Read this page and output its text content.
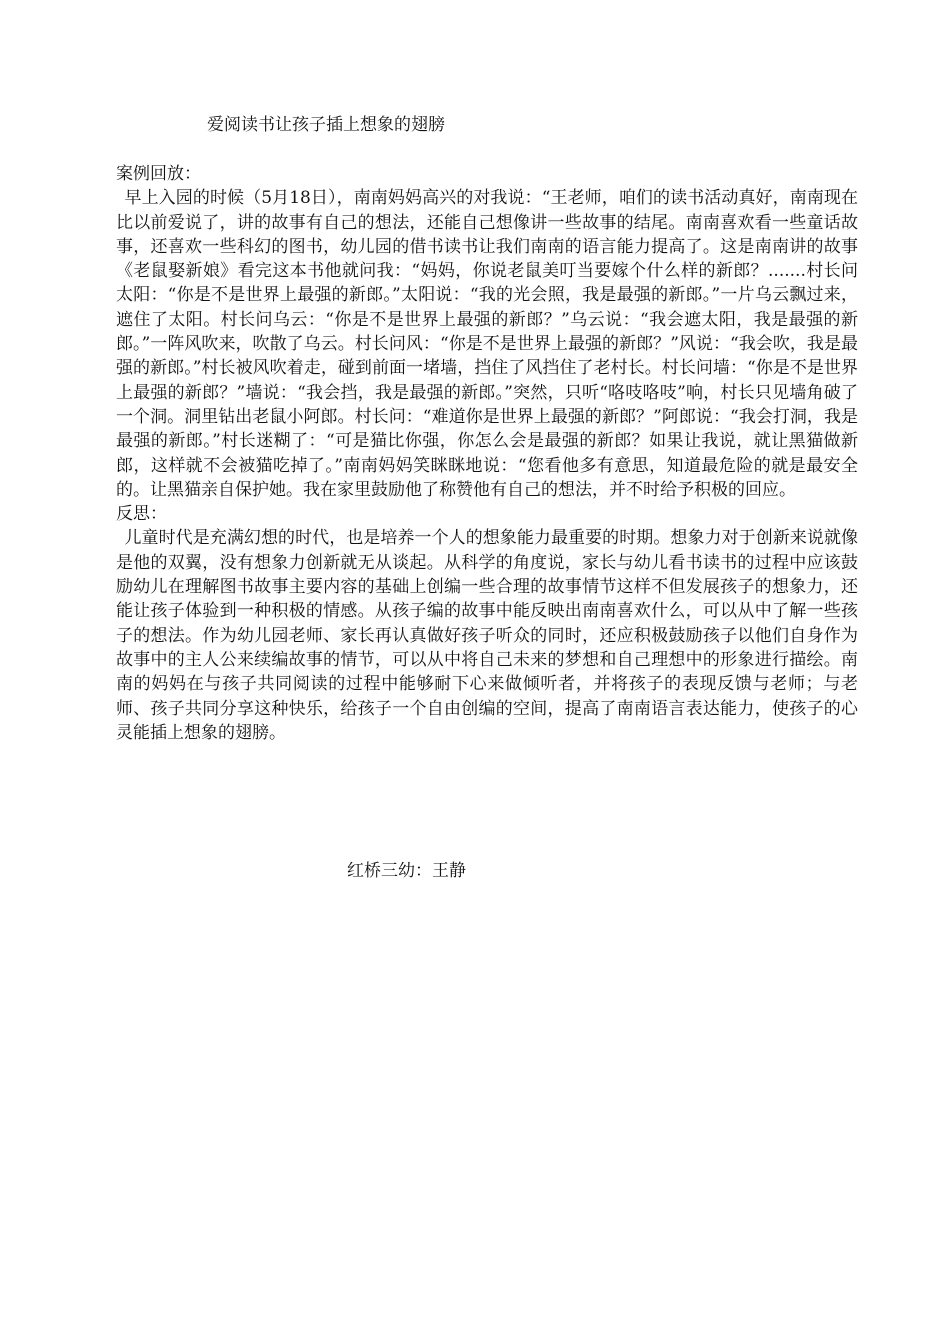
爱阅读书让孩子插上想象的翅膀

案例回放：

早上入园的时候（5月18日），南南妈妈高兴的对我说：“王老师，咱们的读书活动真好，南南现在比以前爱说了，讲的故事有自己的想法，还能自己想像讲一些故事的结尾。南南喜欢看一些童话故事，还喜欢一些科幻的图书，幼儿园的借书读书让我们南南的语言能力提高了。这是南南讲的故事《老鼠娶新娘》看完这本书他就问我：“妈妈，你说老鼠美叮当要嫁个什么样的新郎？.......村长问太阳：“你是不是世界上最强的新郎。”太阳说：“我的光会照，我是最强的新郎。”一片乌云飘过来，遮住了太阳。村长问乌云：“你是不是世界上最强的新郎？”乌云说：“我会遮太阳，我是最强的新郎。”一阵风吹来，吹散了乌云。村长问风：“你是不是世界上最强的新郎？”风说：“我会吹，我是最强的新郎。”村长被风吹着走，碰到前面一堵墙，挡住了风挡住了老村长。村长问墙：“你是不是世界上最强的新郎？”墙说：“我会挡，我是最强的新郎。”突然，只听“咯吱咯吱”响，村长只见墙角破了一个洞。洞里钻出老鼠小阿郎。村长问：“难道你是世界上最强的新郎？”阿郎说：“我会打洞，我是最强的新郎。”村长迷糊了：“可是猫比你强，你怎么会是最强的新郎？如果让我说，就让黑猫做新郎，这样就不会被猫吃掉了。”南南妈妈笑眯眯地说：“您看他多有意思，知道最危险的就是最安全的。让黑猫亲自保护她。我在家里鼓励他了称赞他有自己的想法，并不时给予积极的回应。

反思：

儿童时代是充满幻想的时代，也是培养一个人的想象能力最重要的时期。想象力对于创新来说就像是他的双翼，没有想象力创新就无从谈起。从科学的角度说，家长与幼儿看书读书的过程中应该鼓励幼儿在理解图书故事主要内容的基础上创编一些合理的故事情节这样不但发展孩子的想象力，还能让孩子体验到一种积极的情感。从孩子编的故事中能反映出南南喜欢什么，可以从中了解一些孩子的想法。作为幼儿园老师、家长再认真做好孩子听众的同时，还应积极鼓励孩子以他们自身作为故事中的主人公来续编故事的情节，可以从中将自己未来的梦想和自己理想中的形象进行描绘。南南的妈妈在与孩子共同阅读的过程中能够耐下心来做倾听者，并将孩子的表现反馈与老师；与老师、孩子共同分享这种快乐，给孩子一个自由创编的空间，提高了南南语言表达能力，使孩子的心灵能插上想象的翅膀。

红桥三幼：王静
